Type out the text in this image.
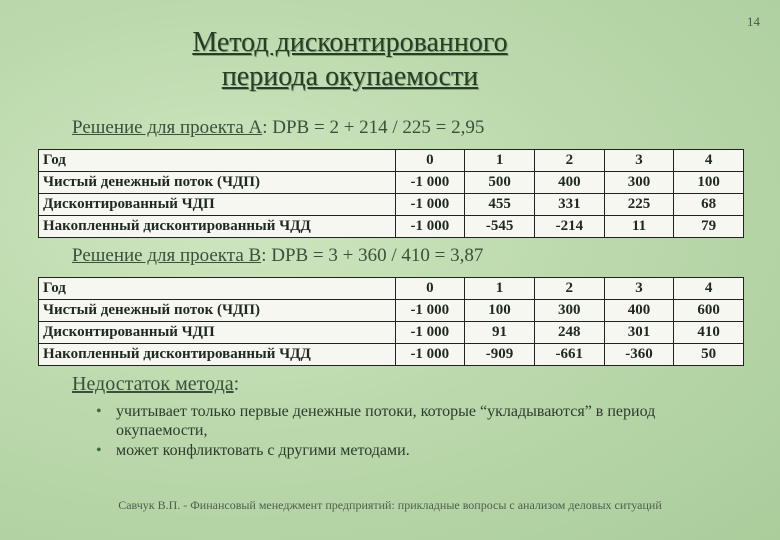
14
Метод дисконтированного
периода окупаемости
Решение для проекта А: DPB = 2 + 214 / 225 = 2,95
Год	0	1	2	3	4
Чистый денежный поток (ЧДП)	-1 000	500	400	300	100
Дисконтированный ЧДП	-1 000	455	331	225	68
Накопленный дисконтированный ЧДД	-1 000	-545	-214	11	79
Решение для проекта В: DPB = 3 + 360 / 410 = 3,87
Год	0	1	2	3	4
Чистый денежный поток (ЧДП)	-1 000	100	300	400	600
Дисконтированный ЧДП	-1 000	91	248	301	410
Накопленный дисконтированный ЧДД	-1 000	-909	-661	-360	50
Недостаток метода:
• учитывает только первые денежные потоки, которые “укладываются” в период окупаемости,
• может конфликтовать с другими методами.
Савчук В.П. - Финансовый менеджмент предприятий: прикладные вопросы с анализом деловых ситуаций
